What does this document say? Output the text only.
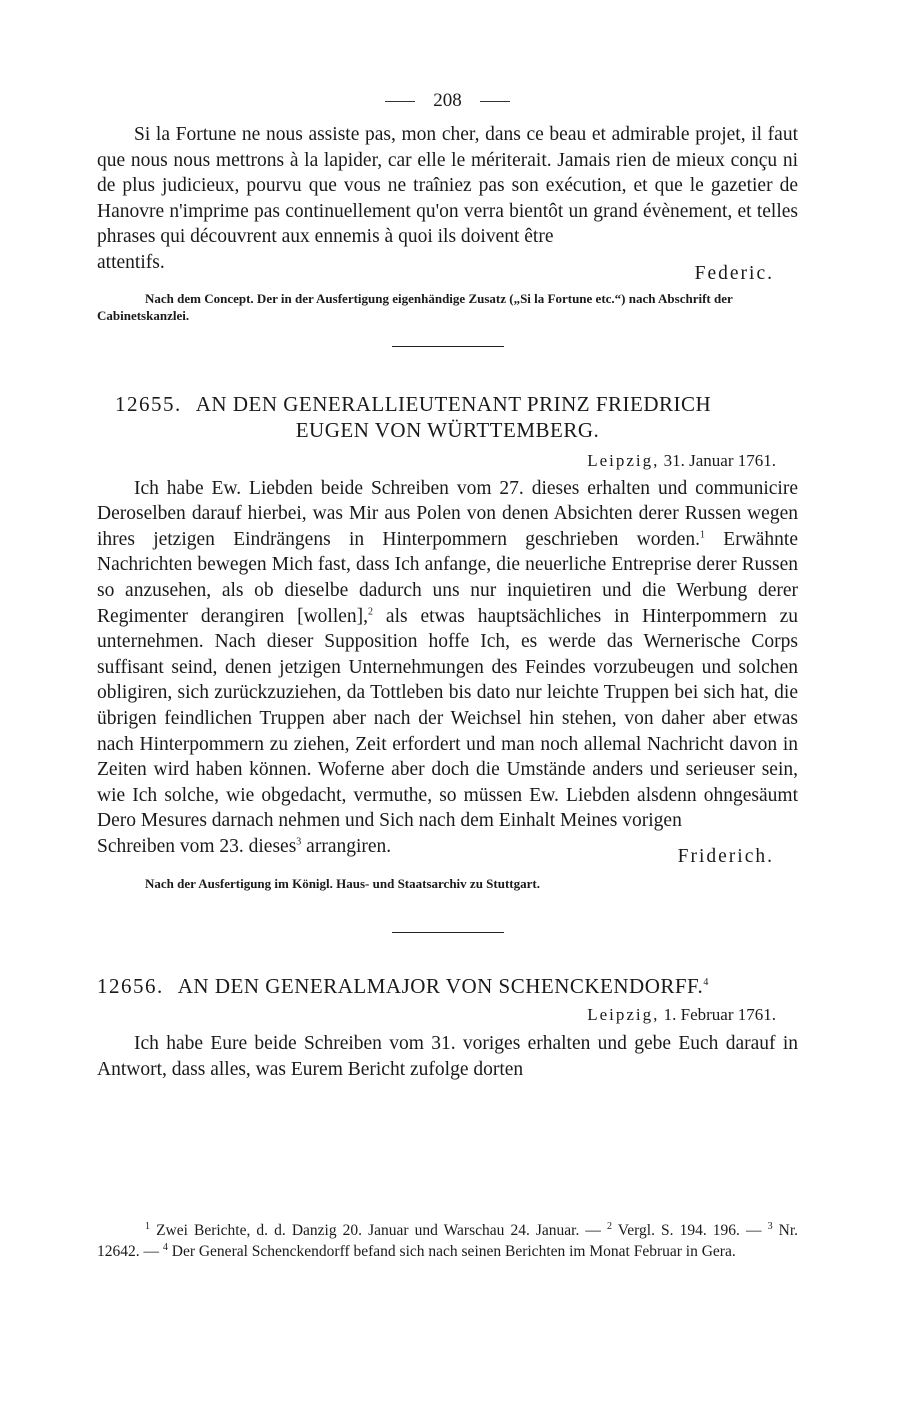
208

Si la Fortune ne nous assiste pas, mon cher, dans ce beau et admirable projet, il faut que nous nous mettrons à la lapider, car elle le mériterait. Jamais rien de mieux conçu ni de plus judicieux, pourvu que vous ne traîniez pas son exécution, et que le gazetier de Hanovre n'imprime pas continuellement qu'on verra bientôt un grand évènement, et telles phrases qui découvrent aux ennemis à quoi ils doivent être

attentifs.

Federic.

Nach dem Concept. Der in der Ausfertigung eigenhändige Zusatz („Si la Fortune etc.“) nach Abschrift der Cabinetskanzlei.

12655. AN DEN GENERALLIEUTENANT PRINZ FRIEDRICH

EUGEN VON WÜRTTEMBERG.

Leipzig, 31. Januar 1761.

Ich habe Ew. Liebden beide Schreiben vom 27. dieses erhalten und communicire Deroselben darauf hierbei, was Mir aus Polen von denen Absichten derer Russen wegen ihres jetzigen Eindrängens in Hinterpommern geschrieben worden.$^1$ Erwähnte Nachrichten bewegen Mich fast, dass Ich anfange, die neuerliche Entreprise derer Russen so anzusehen, als ob dieselbe dadurch uns nur inquietiren und die Werbung derer Regimenter derangiren [wollen],$^2$ als etwas hauptsächliches in Hinterpommern zu unternehmen. Nach dieser Supposition hoffe Ich, es werde das Wernerische Corps suffisant seind, denen jetzigen Unternehmungen des Feindes vorzubeugen und solchen obligiren, sich zurückzuziehen, da Tottleben bis dato nur leichte Truppen bei sich hat, die übrigen feindlichen Truppen aber nach der Weichsel hin stehen, von daher aber etwas nach Hinterpommern zu ziehen, Zeit erfordert und man noch allemal Nachricht davon in Zeiten wird haben können. Woferne aber doch die Umstände anders und serieuser sein, wie Ich solche, wie obgedacht, vermuthe, so müssen Ew. Liebden alsdenn ohngesäumt Dero Mesures darnach nehmen und Sich nach dem Einhalt Meines vorigen

Schreiben vom 23. dieses$^3$ arrangiren.

Friderich.

Nach der Ausfertigung im Königl. Haus- und Staatsarchiv zu Stuttgart.

12656. AN DEN GENERALMAJOR VON SCHENCKENDORFF.$^4$

Leipzig, 1. Februar 1761.

Ich habe Eure beide Schreiben vom 31. voriges erhalten und gebe Euch darauf in Antwort, dass alles, was Eurem Bericht zufolge dorten

$^1$ Zwei Berichte, d. d. Danzig 20. Januar und Warschau 24. Januar. — $^2$ Vergl. S. 194. 196. — $^3$ Nr. 12642. — $^4$ Der General Schenckendorff befand sich nach seinen Berichten im Monat Februar in Gera.
